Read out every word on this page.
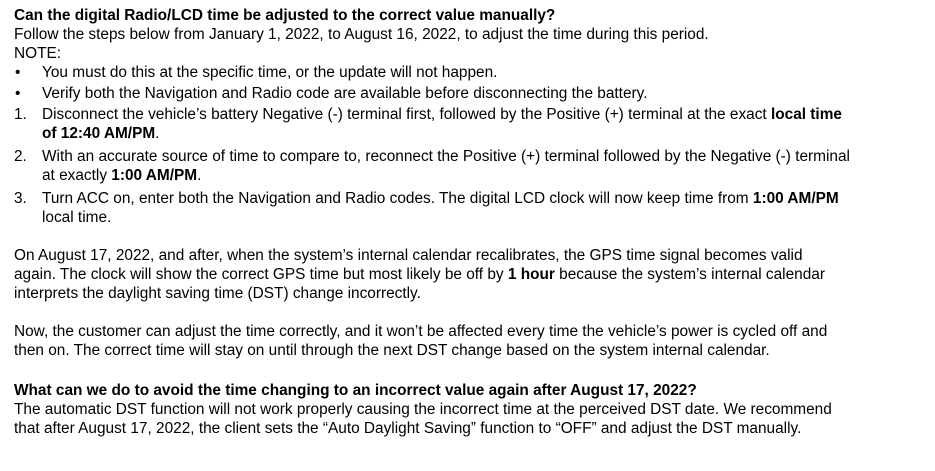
Can the digital Radio/LCD time be adjusted to the correct value manually?
Follow the steps below from January 1, 2022, to August 16, 2022, to adjust the time during this period.
NOTE:
• You must do this at the specific time, or the update will not happen.
• Verify both the Navigation and Radio code are available before disconnecting the battery.
1. Disconnect the vehicle’s battery Negative (-) terminal first, followed by the Positive (+) terminal at the exact local time
of 12:40 AM/PM.
2. With an accurate source of time to compare to, reconnect the Positive (+) terminal followed by the Negative (-) terminal
at exactly 1:00 AM/PM.
3. Turn ACC on, enter both the Navigation and Radio codes. The digital LCD clock will now keep time from 1:00 AM/PM
local time.
On August 17, 2022, and after, when the system’s internal calendar recalibrates, the GPS time signal becomes valid
again. The clock will show the correct GPS time but most likely be off by 1 hour because the system’s internal calendar
interprets the daylight saving time (DST) change incorrectly.
Now, the customer can adjust the time correctly, and it won’t be affected every time the vehicle’s power is cycled off and
then on. The correct time will stay on until through the next DST change based on the system internal calendar.
What can we do to avoid the time changing to an incorrect value again after August 17, 2022?
The automatic DST function will not work properly causing the incorrect time at the perceived DST date. We recommend
that after August 17, 2022, the client sets the “Auto Daylight Saving” function to “OFF” and adjust the DST manually.
